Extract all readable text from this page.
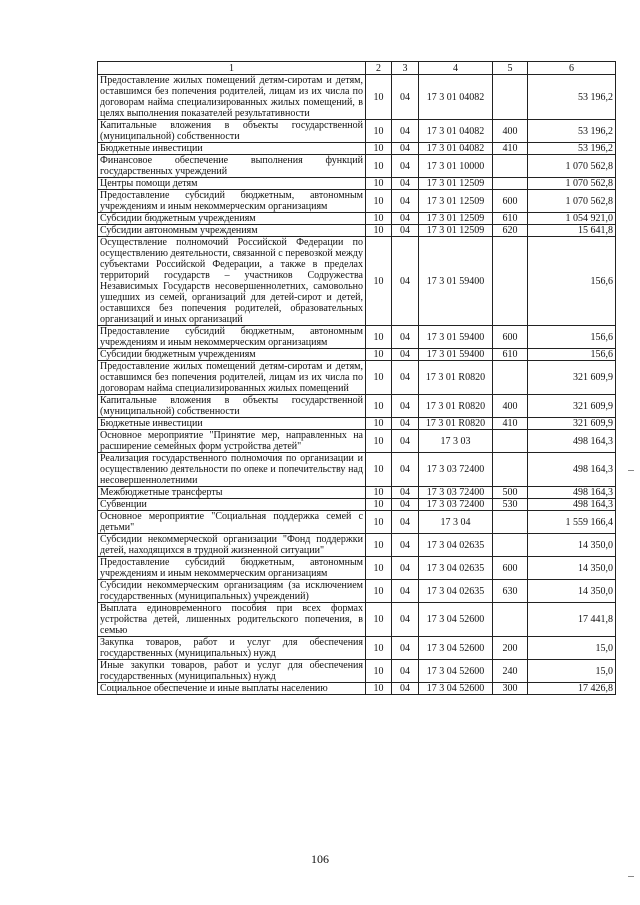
1	2	3	4	5	6
Предоставление жилых помещений детям-сиротам и детям, оставшимся без попечения родителей, лицам из их числа по договорам найма специализированных жилых помещений, в целях выполнения показателей результативности	10	04	17 3 01 04082		53 196,2
Капитальные вложения в объекты государственной (муниципальной) собственности	10	04	17 3 01 04082	400	53 196,2
Бюджетные инвестиции	10	04	17 3 01 04082	410	53 196,2
Финансовое обеспечение выполнения функций государственных учреждений	10	04	17 3 01 10000		1 070 562,8
Центры помощи детям	10	04	17 3 01 12509		1 070 562,8
Предоставление субсидий бюджетным, автономным учреждениям и иным некоммерческим организациям	10	04	17 3 01 12509	600	1 070 562,8
Субсидии бюджетным учреждениям	10	04	17 3 01 12509	610	1 054 921,0
Субсидии автономным учреждениям	10	04	17 3 01 12509	620	15 641,8
Осуществление полномочий Российской Федерации по осуществлению деятельности, связанной с перевозкой между субъектами Российской Федерации, а также в пределах территорий государств – участников Содружества Независимых Государств несовершеннолетних, самовольно ушедших из семей, организаций для детей-сирот и детей, оставшихся без попечения родителей, образовательных организаций и иных организаций	10	04	17 3 01 59400		156,6
Предоставление субсидий бюджетным, автономным учреждениям и иным некоммерческим организациям	10	04	17 3 01 59400	600	156,6
Субсидии бюджетным учреждениям	10	04	17 3 01 59400	610	156,6
Предоставление жилых помещений детям-сиротам и детям, оставшимся без попечения родителей, лицам из их числа по договорам найма специализированных жилых помещений	10	04	17 3 01 R0820		321 609,9
Капитальные вложения в объекты государственной (муниципальной) собственности	10	04	17 3 01 R0820	400	321 609,9
Бюджетные инвестиции	10	04	17 3 01 R0820	410	321 609,9
Основное мероприятие "Принятие мер, направленных на расширение семейных форм устройства детей"	10	04	17 3 03		498 164,3
Реализация государственного полномочия по организации и осуществлению деятельности по опеке и попечительству над несовершеннолетними	10	04	17 3 03 72400		498 164,3
Межбюджетные трансферты	10	04	17 3 03 72400	500	498 164,3
Субвенции	10	04	17 3 03 72400	530	498 164,3
Основное мероприятие "Социальная поддержка семей с детьми"	10	04	17 3 04		1 559 166,4
Субсидии некоммерческой организации "Фонд поддержки детей, находящихся в трудной жизненной ситуации"	10	04	17 3 04 02635		14 350,0
Предоставление субсидий бюджетным, автономным учреждениям и иным некоммерческим организациям	10	04	17 3 04 02635	600	14 350,0
Субсидии некоммерческим организациям (за исключением государственных (муниципальных) учреждений)	10	04	17 3 04 02635	630	14 350,0
Выплата единовременного пособия при всех формах устройства детей, лишенных родительского попечения, в семью	10	04	17 3 04 52600		17 441,8
Закупка товаров, работ и услуг для обеспечения государственных (муниципальных) нужд	10	04	17 3 04 52600	200	15,0
Иные закупки товаров, работ и услуг для обеспечения государственных (муниципальных) нужд	10	04	17 3 04 52600	240	15,0
Социальное обеспечение и иные выплаты населению	10	04	17 3 04 52600	300	17 426,8
106
